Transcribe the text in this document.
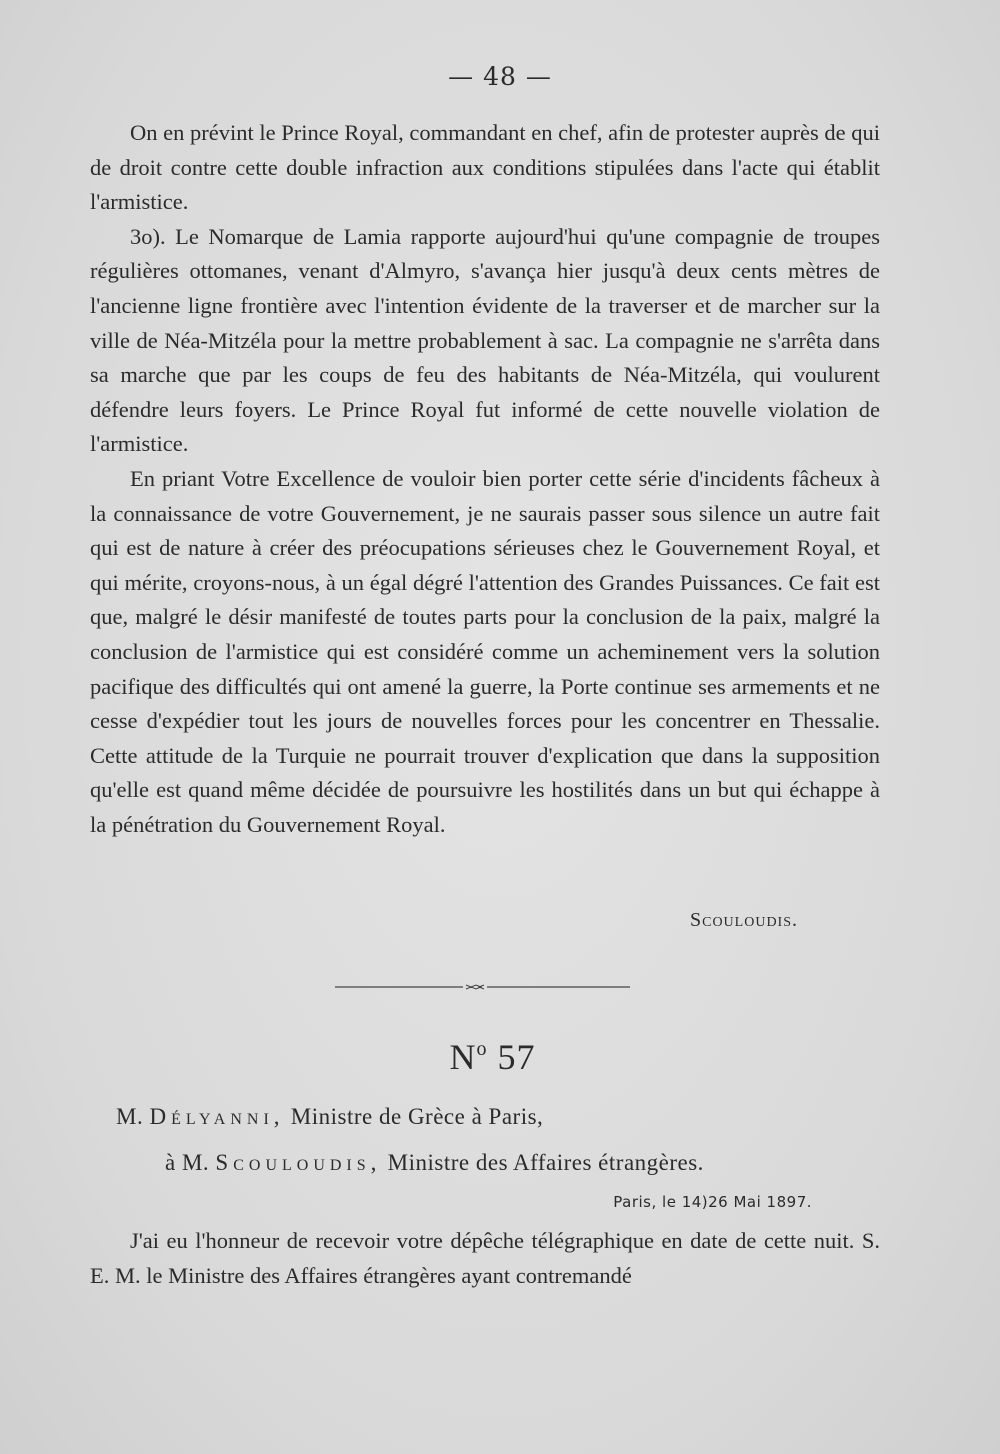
— 48 —

On en prévint le Prince Royal, commandant en chef, afin de protester auprès de qui de droit contre cette double infraction aux conditions stipulées dans l'acte qui établit l'armistice.

3o). Le Nomarque de Lamia rapporte aujourd'hui qu'une compagnie de troupes régulières ottomanes, venant d'Almyro, s'avança hier jusqu'à deux cents mètres de l'ancienne ligne frontière avec l'intention évidente de la traverser et de marcher sur la ville de Néa-Mitzéla pour la mettre probablement à sac. La compagnie ne s'arrêta dans sa marche que par les coups de feu des habitants de Néa-Mitzéla, qui voulurent défendre leurs foyers. Le Prince Royal fut informé de cette nouvelle violation de l'armistice.

En priant Votre Excellence de vouloir bien porter cette série d'incidents fâcheux à la connaissance de votre Gouvernement, je ne saurais passer sous silence un autre fait qui est de nature à créer des préocupations sérieuses chez le Gouvernement Royal, et qui mérite, croyons-nous, à un égal dégré l'attention des Grandes Puissances. Ce fait est que, malgré le désir manifesté de toutes parts pour la conclusion de la paix, malgré la conclusion de l'armistice qui est considéré comme un acheminement vers la solution pacifique des difficultés qui ont amené la guerre, la Porte continue ses armements et ne cesse d'expédier tout les jours de nouvelles forces pour les concentrer en Thessalie. Cette attitude de la Turquie ne pourrait trouver d'explication que dans la supposition qu'elle est quand même décidée de poursuivre les hostilités dans un but qui échappe à la pénétration du Gouvernement Royal.

Scouloudis.
$N^o$ 57
M. Délyanni, Ministre de Grèce à Paris,
à M. Scouloudis, Ministre des Affaires étrangères.
Paris, le 14)26 Mai 1897.

J'ai eu l'honneur de recevoir votre dépêche télégraphique en date de cette nuit. S. E. M. le Ministre des Affaires étrangères ayant contremandé
